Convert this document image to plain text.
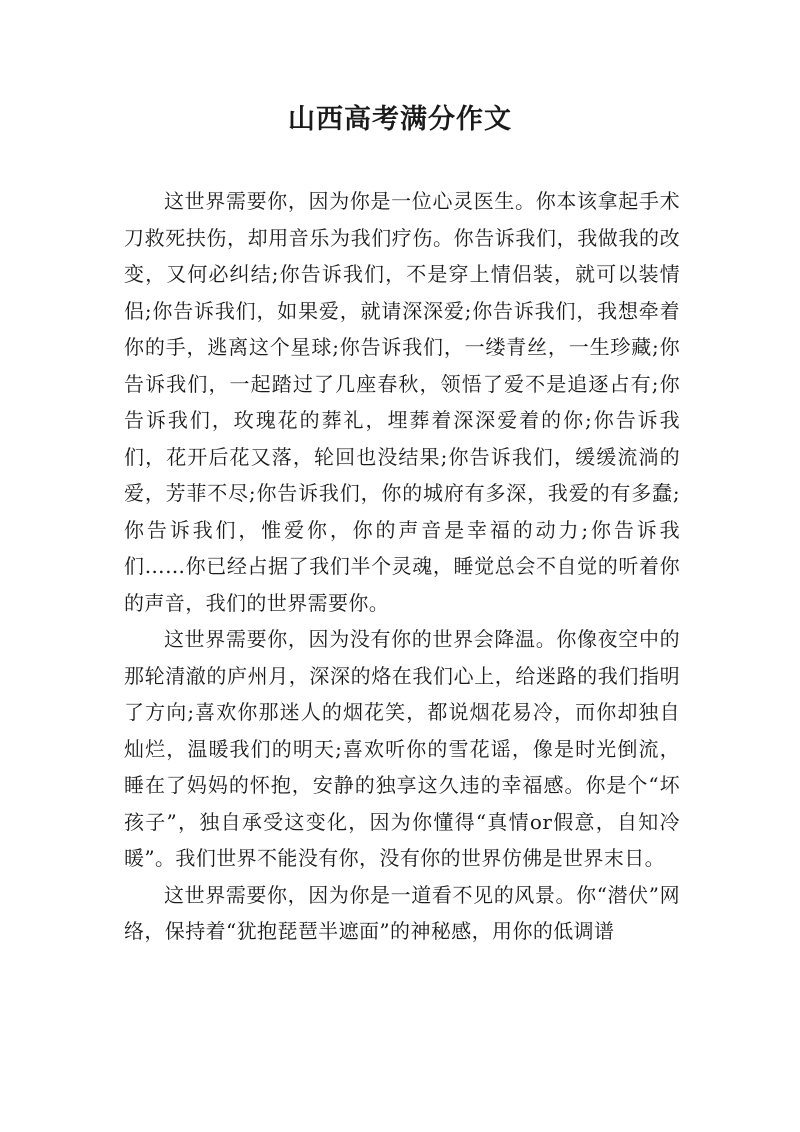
山西高考满分作文

这世界需要你，因为你是一位心灵医生。你本该拿起手术刀救死扶伤，却用音乐为我们疗伤。你告诉我们，我做我的改变，又何必纠结;你告诉我们，不是穿上情侣装，就可以装情侣;你告诉我们，如果爱，就请深深爱;你告诉我们，我想牵着你的手，逃离这个星球;你告诉我们，一缕青丝，一生珍藏;你告诉我们，一起踏过了几座春秋，领悟了爱不是追逐占有;你告诉我们，玫瑰花的葬礼，埋葬着深深爱着的你;你告诉我们，花开后花又落，轮回也没结果;你告诉我们，缓缓流淌的爱，芳菲不尽;你告诉我们，你的城府有多深，我爱的有多蠢;你告诉我们，惟爱你，你的声音是幸福的动力;你告诉我们……你已经占据了我们半个灵魂，睡觉总会不自觉的听着你的声音，我们的世界需要你。

这世界需要你，因为没有你的世界会降温。你像夜空中的那轮清澈的庐州月，深深的烙在我们心上，给迷路的我们指明了方向;喜欢你那迷人的烟花笑，都说烟花易冷，而你却独自灿烂，温暖我们的明天;喜欢听你的雪花谣，像是时光倒流，睡在了妈妈的怀抱，安静的独享这久违的幸福感。你是个“坏孩子”，独自承受这变化，因为你懂得“真情or假意，自知冷暖”。我们世界不能没有你，没有你的世界仿佛是世界末日。

这世界需要你，因为你是一道看不见的风景。你“潜伏”网络，保持着“犹抱琵琶半遮面”的神秘感，用你的低调谱
